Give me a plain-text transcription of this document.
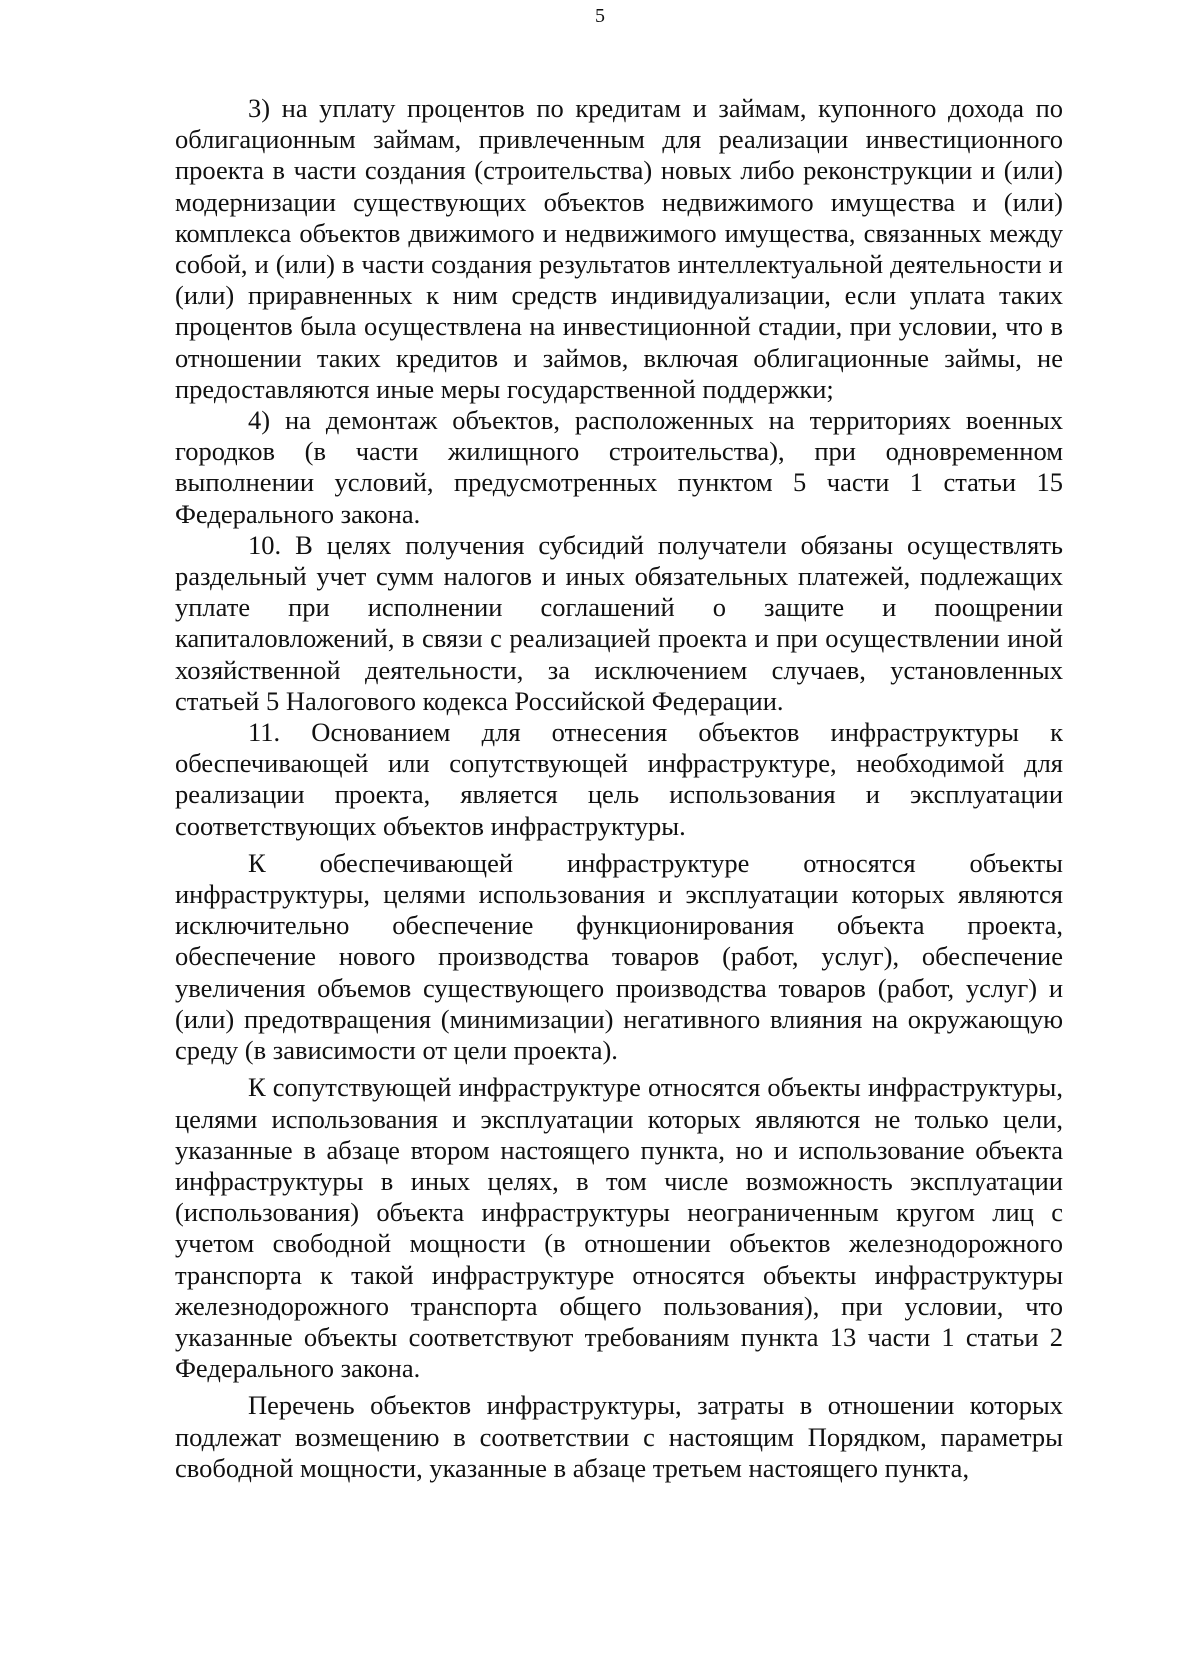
5

3) на уплату процентов по кредитам и займам, купонного дохода по облигационным займам, привлеченным для реализации инвестиционного проекта в части создания (строительства) новых либо реконструкции и (или) модернизации существующих объектов недвижимого имущества и (или) комплекса объектов движимого и недвижимого имущества, связанных между собой, и (или) в части создания результатов интеллектуальной деятельности и (или) приравненных к ним средств индивидуализации, если уплата таких процентов была осуществлена на инвестиционной стадии, при условии, что в отношении таких кредитов и займов, включая облигационные займы, не предоставляются иные меры государственной поддержки;

4) на демонтаж объектов, расположенных на территориях военных городков (в части жилищного строительства), при одновременном выполнении условий, предусмотренных пунктом 5 части 1 статьи 15 Федерального закона.

10. В целях получения субсидий получатели обязаны осуществлять раздельный учет сумм налогов и иных обязательных платежей, подлежащих уплате при исполнении соглашений о защите и поощрении капиталовложений, в связи с реализацией проекта и при осуществлении иной хозяйственной деятельности, за исключением случаев, установленных статьей 5 Налогового кодекса Российской Федерации.

11. Основанием для отнесения объектов инфраструктуры к обеспечивающей или сопутствующей инфраструктуре, необходимой для реализации проекта, является цель использования и эксплуатации соответствующих объектов инфраструктуры.

К обеспечивающей инфраструктуре относятся объекты инфраструктуры, целями использования и эксплуатации которых являются исключительно обеспечение функционирования объекта проекта, обеспечение нового производства товаров (работ, услуг), обеспечение увеличения объемов существующего производства товаров (работ, услуг) и (или) предотвращения (минимизации) негативного влияния на окружающую среду (в зависимости от цели проекта).

К сопутствующей инфраструктуре относятся объекты инфраструктуры, целями использования и эксплуатации которых являются не только цели, указанные в абзаце втором настоящего пункта, но и использование объекта инфраструктуры в иных целях, в том числе возможность эксплуатации (использования) объекта инфраструктуры неограниченным кругом лиц с учетом свободной мощности (в отношении объектов железнодорожного транспорта к такой инфраструктуре относятся объекты инфраструктуры железнодорожного транспорта общего пользования), при условии, что указанные объекты соответствуют требованиям пункта 13 части 1 статьи 2 Федерального закона.

Перечень объектов инфраструктуры, затраты в отношении которых подлежат возмещению в соответствии с настоящим Порядком, параметры свободной мощности, указанные в абзаце третьем настоящего пункта,
